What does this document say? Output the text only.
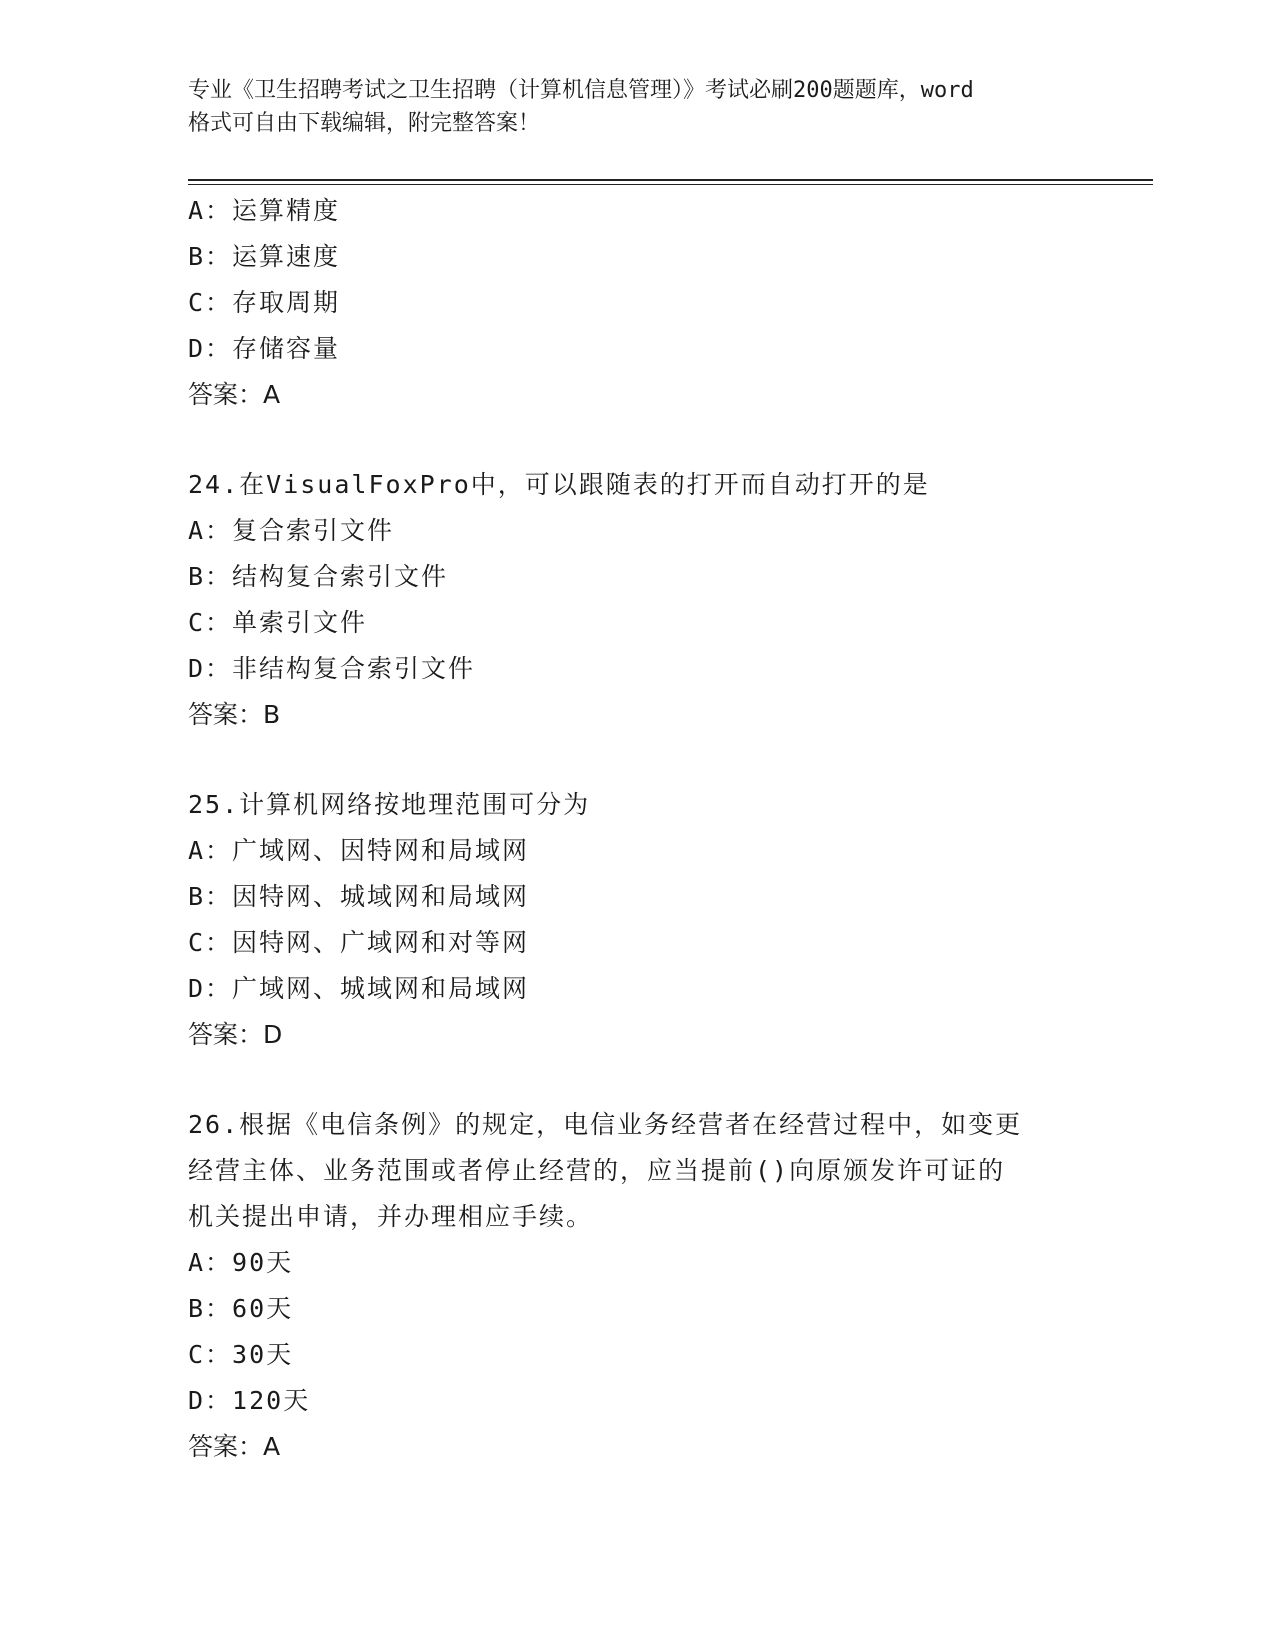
专业《卫生招聘考试之卫生招聘（计算机信息管理）》考试必刷200题题库，word
格式可自由下载编辑，附完整答案！
A：运算精度
B：运算速度
C：存取周期
D：存储容量
答案：A
24.在VisualFoxPro中，可以跟随表的打开而自动打开的是
A：复合索引文件
B：结构复合索引文件
C：单索引文件
D：非结构复合索引文件
答案：B
25.计算机网络按地理范围可分为
A：广域网、因特网和局域网
B：因特网、城域网和局域网
C：因特网、广域网和对等网
D：广域网、城域网和局域网
答案：D
26.根据《电信条例》的规定，电信业务经营者在经营过程中，如变更
经营主体、业务范围或者停止经营的，应当提前()向原颁发许可证的
机关提出申请，并办理相应手续。
A：90天
B：60天
C：30天
D：120天
答案：A
